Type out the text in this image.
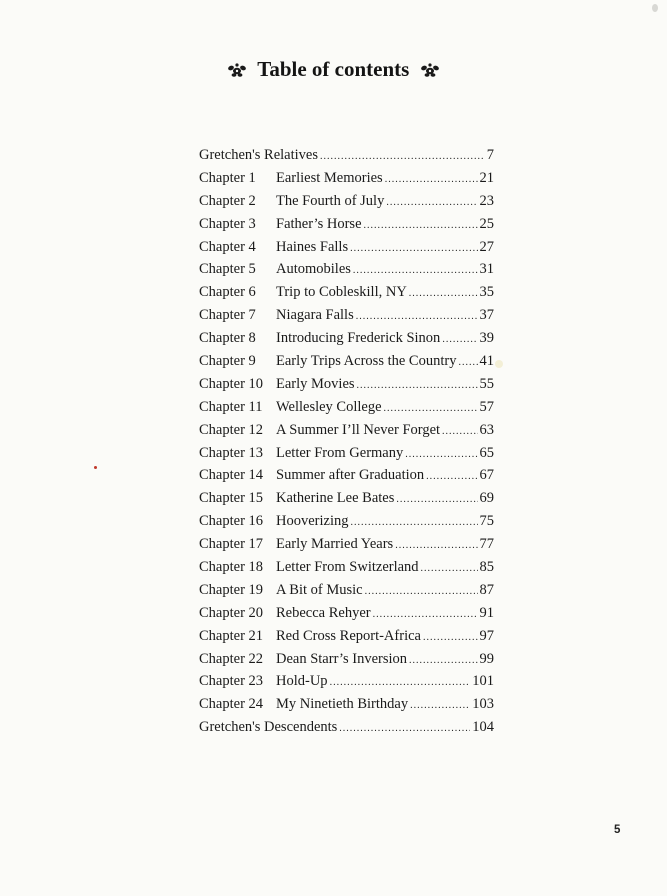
Table of contents
Gretchen's Relatives .....	7
Chapter 1	Earliest Memories .....	21
Chapter 2	The Fourth of July .....	23
Chapter 3	Father’s Horse .....	25
Chapter 4	Haines Falls .....	27
Chapter 5	Automobiles .....	31
Chapter 6	Trip to Cobleskill, NY .....	35
Chapter 7	Niagara Falls .....	37
Chapter 8	Introducing Frederick Sinon .....	39
Chapter 9	Early Trips Across the Country ..... 41
Chapter 10 Early Movies .....	55
Chapter 11 Wellesley College .....	57
Chapter 12 A Summer I’ll Never Forget .....	63
Chapter 13 Letter From Germany .....	65
Chapter 14 Summer after Graduation .....	67
Chapter 15 Katherine Lee Bates .....	69
Chapter 16 Hooverizing .....	75
Chapter 17 Early Married Years .....	77
Chapter 18 Letter From Switzerland .....	85
Chapter 19 A Bit of Music .....	87
Chapter 20 Rebecca Rehyer .....	91
Chapter 21 Red Cross Report-Africa .....	97
Chapter 22 Dean Starr’s Inversion .....	99
Chapter 23 Hold-Up .....	101
Chapter 24 My Ninetieth Birthday .....	103
Gretchen's Descendents .....	104
5
